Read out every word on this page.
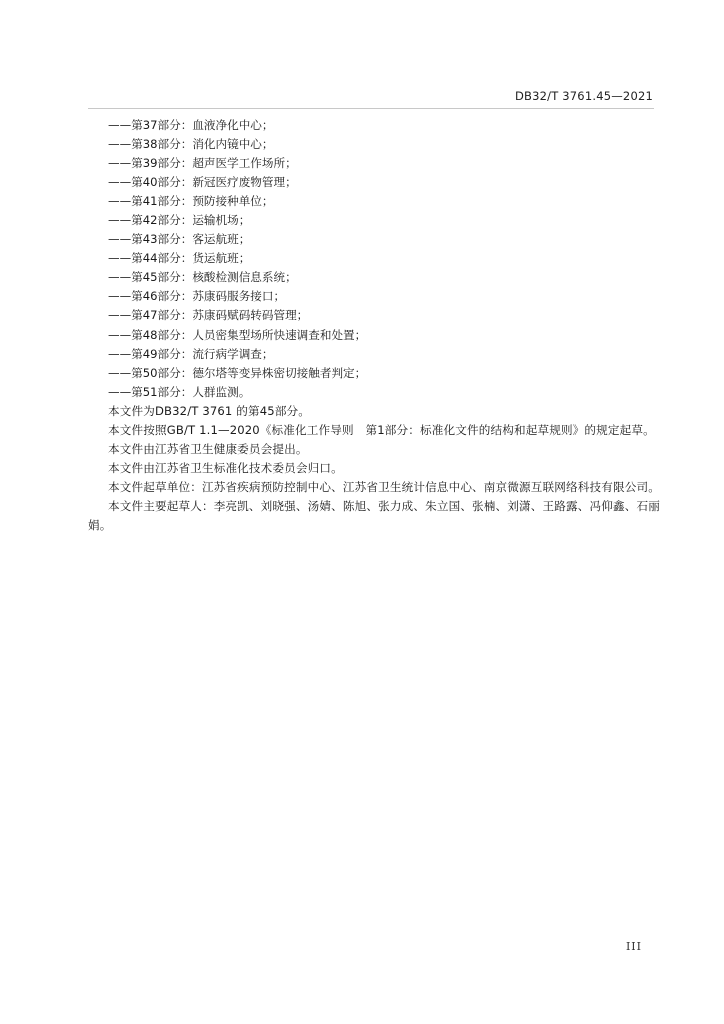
DB32/T 3761.45—2021
——第37部分：血液净化中心；
——第38部分：消化内镜中心；
——第39部分：超声医学工作场所；
——第40部分：新冠医疗废物管理；
——第41部分：预防接种单位；
——第42部分：运输机场；
——第43部分：客运航班；
——第44部分：货运航班；
——第45部分：核酸检测信息系统；
——第46部分：苏康码服务接口；
——第47部分：苏康码赋码转码管理；
——第48部分：人员密集型场所快速调查和处置；
——第49部分：流行病学调查；
——第50部分：德尔塔等变异株密切接触者判定；
——第51部分：人群监测。
本文件为DB32/T 3761 的第45部分。
本文件按照GB/T 1.1—2020《标准化工作导则　第1部分：标准化文件的结构和起草规则》的规定起草。
本文件由江苏省卫生健康委员会提出。
本文件由江苏省卫生标准化技术委员会归口。
本文件起草单位：江苏省疾病预防控制中心、江苏省卫生统计信息中心、南京微源互联网络科技有限公司。
本文件主要起草人：李亮凯、刘晓强、汤婧、陈旭、张力成、朱立国、张楠、刘潇、王路露、冯仰鑫、石丽娟。
III
